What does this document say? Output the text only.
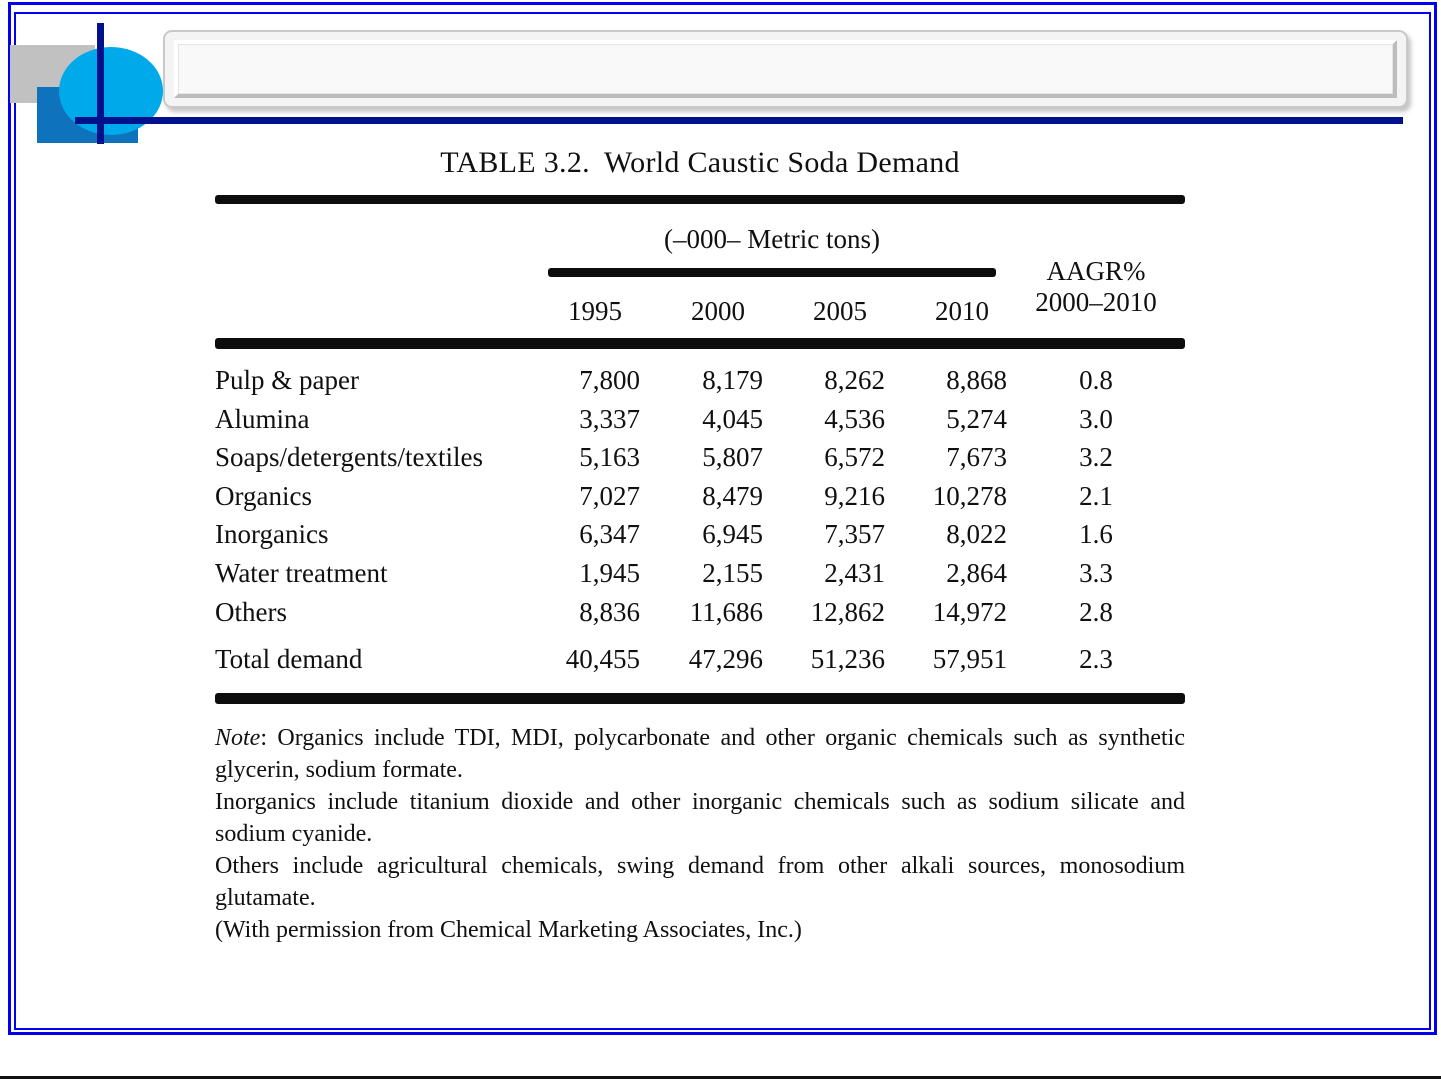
TABLE 3.2. World Caustic Soda Demand
(–000– Metric tons)
AAGR%
2000–2010
1995	2000	2005	2010
Pulp & paper	7,800	8,179	8,262	8,868	0.8
Alumina	3,337	4,045	4,536	5,274	3.0
Soaps/detergents/textiles	5,163	5,807	6,572	7,673	3.2
Organics	7,027	8,479	9,216	10,278	2.1
Inorganics	6,347	6,945	7,357	8,022	1.6
Water treatment	1,945	2,155	2,431	2,864	3.3
Others	8,836	11,686	12,862	14,972	2.8
Total demand	40,455	47,296	51,236	57,951	2.3

Note: Organics include TDI, MDI, polycarbonate and other organic chemicals such as synthetic glycerin, sodium formate.

Inorganics include titanium dioxide and other inorganic chemicals such as sodium silicate and sodium cyanide.

Others include agricultural chemicals, swing demand from other alkali sources, monosodium glutamate.

(With permission from Chemical Marketing Associates, Inc.)
